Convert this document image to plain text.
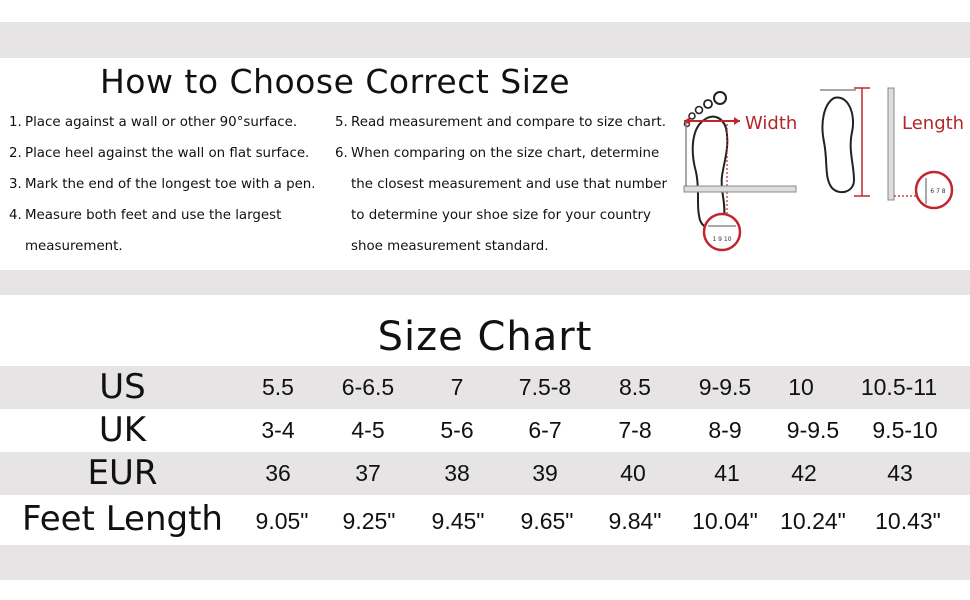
How to Choose Correct Size
1. Place against a wall or other 90°surface.
2. Place heel against the wall on flat surface.
3. Mark the end of the longest toe with a pen.
4. Measure both feet and use the largest
measurement.
5. Read measurement and compare to size chart.
6. When comparing on the size chart, determine
the closest measurement and use that number
to determine your shoe size for your country
shoe measurement standard.	1 9 10
Width
6 7 8
Length
Size Chart
US	5.5	6-6.5	7	7.5-8	8.5	9-9.5	10	10.5-11
UK	3-4	4-5	5-6	6-7	7-8	8-9	9-9.5	9.5-10
EUR	36	37	38	39	40	41	42	43
Feet Length	9.05"	9.25"	9.45"	9.65"	9.84"	10.04" 10.24"	10.43"
